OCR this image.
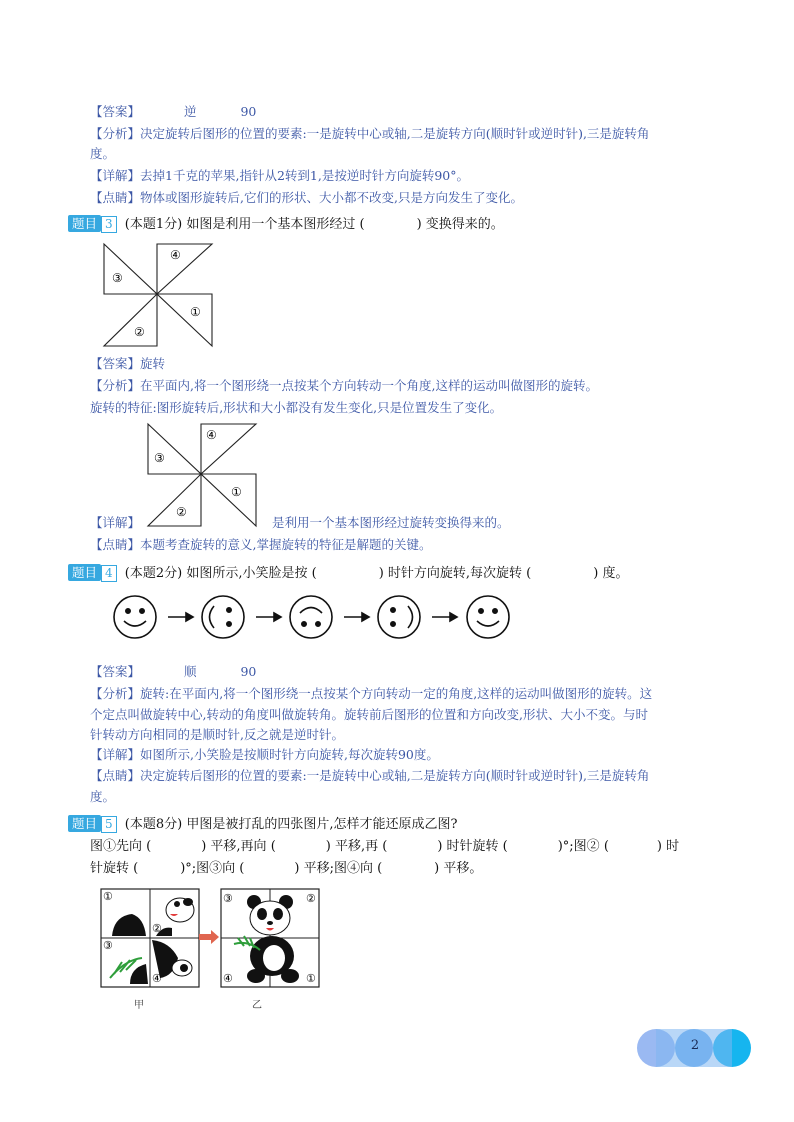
【答案】	逆	90
【分析】决定旋转后图形的位置的要素:一是旋转中心或轴,二是旋转方向(顺时针或逆时针),三是旋转角
度。
【详解】去掉1千克的苹果,指针从2转到1,是按逆时针方向旋转90°。
【点睛】物体或图形旋转后,它们的形状、大小都不改变,只是方向发生了变化。
题目 3 (本题1分) 如图是利用一个基本图形经过 (	) 变换得来的。
④
③
②
①
【答案】旋转
【分析】在平面内,将一个图形绕一点按某个方向转动一个角度,这样的运动叫做图形的旋转。
旋转的特征:图形旋转后,形状和大小都没有发生变化,只是位置发生了变化。
④
③
②
①
【详解】	是利用一个基本图形经过旋转变换得来的。
【点睛】本题考查旋转的意义,掌握旋转的特征是解题的关键。
题目 4 (本题2分) 如图所示,小笑脸是按 (	) 时针方向旋转,每次旋转 (	) 度。
【答案】	顺	90
【分析】旋转:在平面内,将一个图形绕一点按某个方向转动一定的角度,这样的运动叫做图形的旋转。这
个定点叫做旋转中心,转动的角度叫做旋转角。旋转前后图形的位置和方向改变,形状、大小不变。与时
针转动方向相同的是顺时针,反之就是逆时针。
【详解】如图所示,小笑脸是按顺时针方向旋转,每次旋转90度。
【点睛】决定旋转后图形的位置的要素:一是旋转中心或轴,二是旋转方向(顺时针或逆时针),三是旋转角
度。
题目 5 (本题8分) 甲图是被打乱的四张图片,怎样才能还原成乙图?
图①先向 (	) 平移,再向 (	) 平移,再 (	) 时针旋转 (	)°;图② (	) 时
针旋转 (	)°;图③向 (	) 平移;图④向 (	) 平移。
①
②
③
④
③	②
④	①
甲	乙
2
